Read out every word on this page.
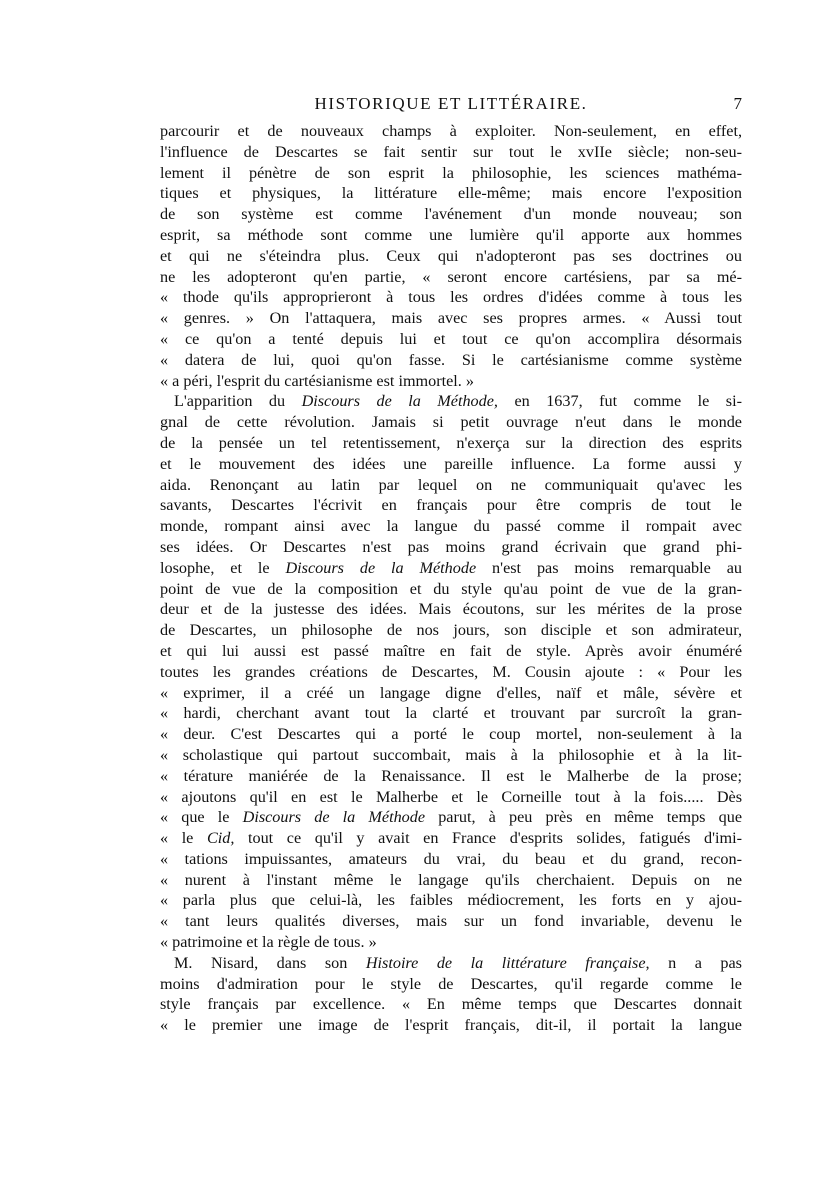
HISTORIQUE ET LITTÉRAIRE.	7
parcourir et de nouveaux champs à exploiter. Non-seulement, en effet,
l'influence de Descartes se fait sentir sur tout le xvIIe siècle; non-seu-
lement il pénètre de son esprit la philosophie, les sciences mathéma-
tiques et physiques, la littérature elle-même; mais encore l'exposition
de son système est comme l'avénement d'un monde nouveau; son
esprit, sa méthode sont comme une lumière qu'il apporte aux hommes
et qui ne s'éteindra plus. Ceux qui n'adopteront pas ses doctrines ou
ne les adopteront qu'en partie, « seront encore cartésiens, par sa mé-
« thode qu'ils approprieront à tous les ordres d'idées comme à tous les
« genres. » On l'attaquera, mais avec ses propres armes. « Aussi tout
« ce qu'on a tenté depuis lui et tout ce qu'on accomplira désormais
« datera de lui, quoi qu'on fasse. Si le cartésianisme comme système
« a péri, l'esprit du cartésianisme est immortel. »
L'apparition du Discours de la Méthode, en 1637, fut comme le si-
gnal de cette révolution. Jamais si petit ouvrage n'eut dans le monde
de la pensée un tel retentissement, n'exerça sur la direction des esprits
et le mouvement des idées une pareille influence. La forme aussi y
aida. Renonçant au latin par lequel on ne communiquait qu'avec les
savants, Descartes l'écrivit en français pour être compris de tout le
monde, rompant ainsi avec la langue du passé comme il rompait avec
ses idées. Or Descartes n'est pas moins grand écrivain que grand phi-
losophe, et le Discours de la Méthode n'est pas moins remarquable au
point de vue de la composition et du style qu'au point de vue de la gran-
deur et de la justesse des idées. Mais écoutons, sur les mérites de la prose
de Descartes, un philosophe de nos jours, son disciple et son admirateur,
et qui lui aussi est passé maître en fait de style. Après avoir énuméré
toutes les grandes créations de Descartes, M. Cousin ajoute : « Pour les
« exprimer, il a créé un langage digne d'elles, naïf et mâle, sévère et
« hardi, cherchant avant tout la clarté et trouvant par surcroît la gran-
« deur. C'est Descartes qui a porté le coup mortel, non-seulement à la
« scholastique qui partout succombait, mais à la philosophie et à la lit-
« térature maniérée de la Renaissance. Il est le Malherbe de la prose;
« ajoutons qu'il en est le Malherbe et le Corneille tout à la fois..... Dès
« que le Discours de la Méthode parut, à peu près en même temps que
« le Cid, tout ce qu'il y avait en France d'esprits solides, fatigués d'imi-
« tations impuissantes, amateurs du vrai, du beau et du grand, recon-
« nurent à l'instant même le langage qu'ils cherchaient. Depuis on ne
« parla plus que celui-là, les faibles médiocrement, les forts en y ajou-
« tant leurs qualités diverses, mais sur un fond invariable, devenu le
« patrimoine et la règle de tous. »
M. Nisard, dans son Histoire de la littérature française, n a pas
moins d'admiration pour le style de Descartes, qu'il regarde comme le
style français par excellence. « En même temps que Descartes donnait
« le premier une image de l'esprit français, dit-il, il portait la langue
